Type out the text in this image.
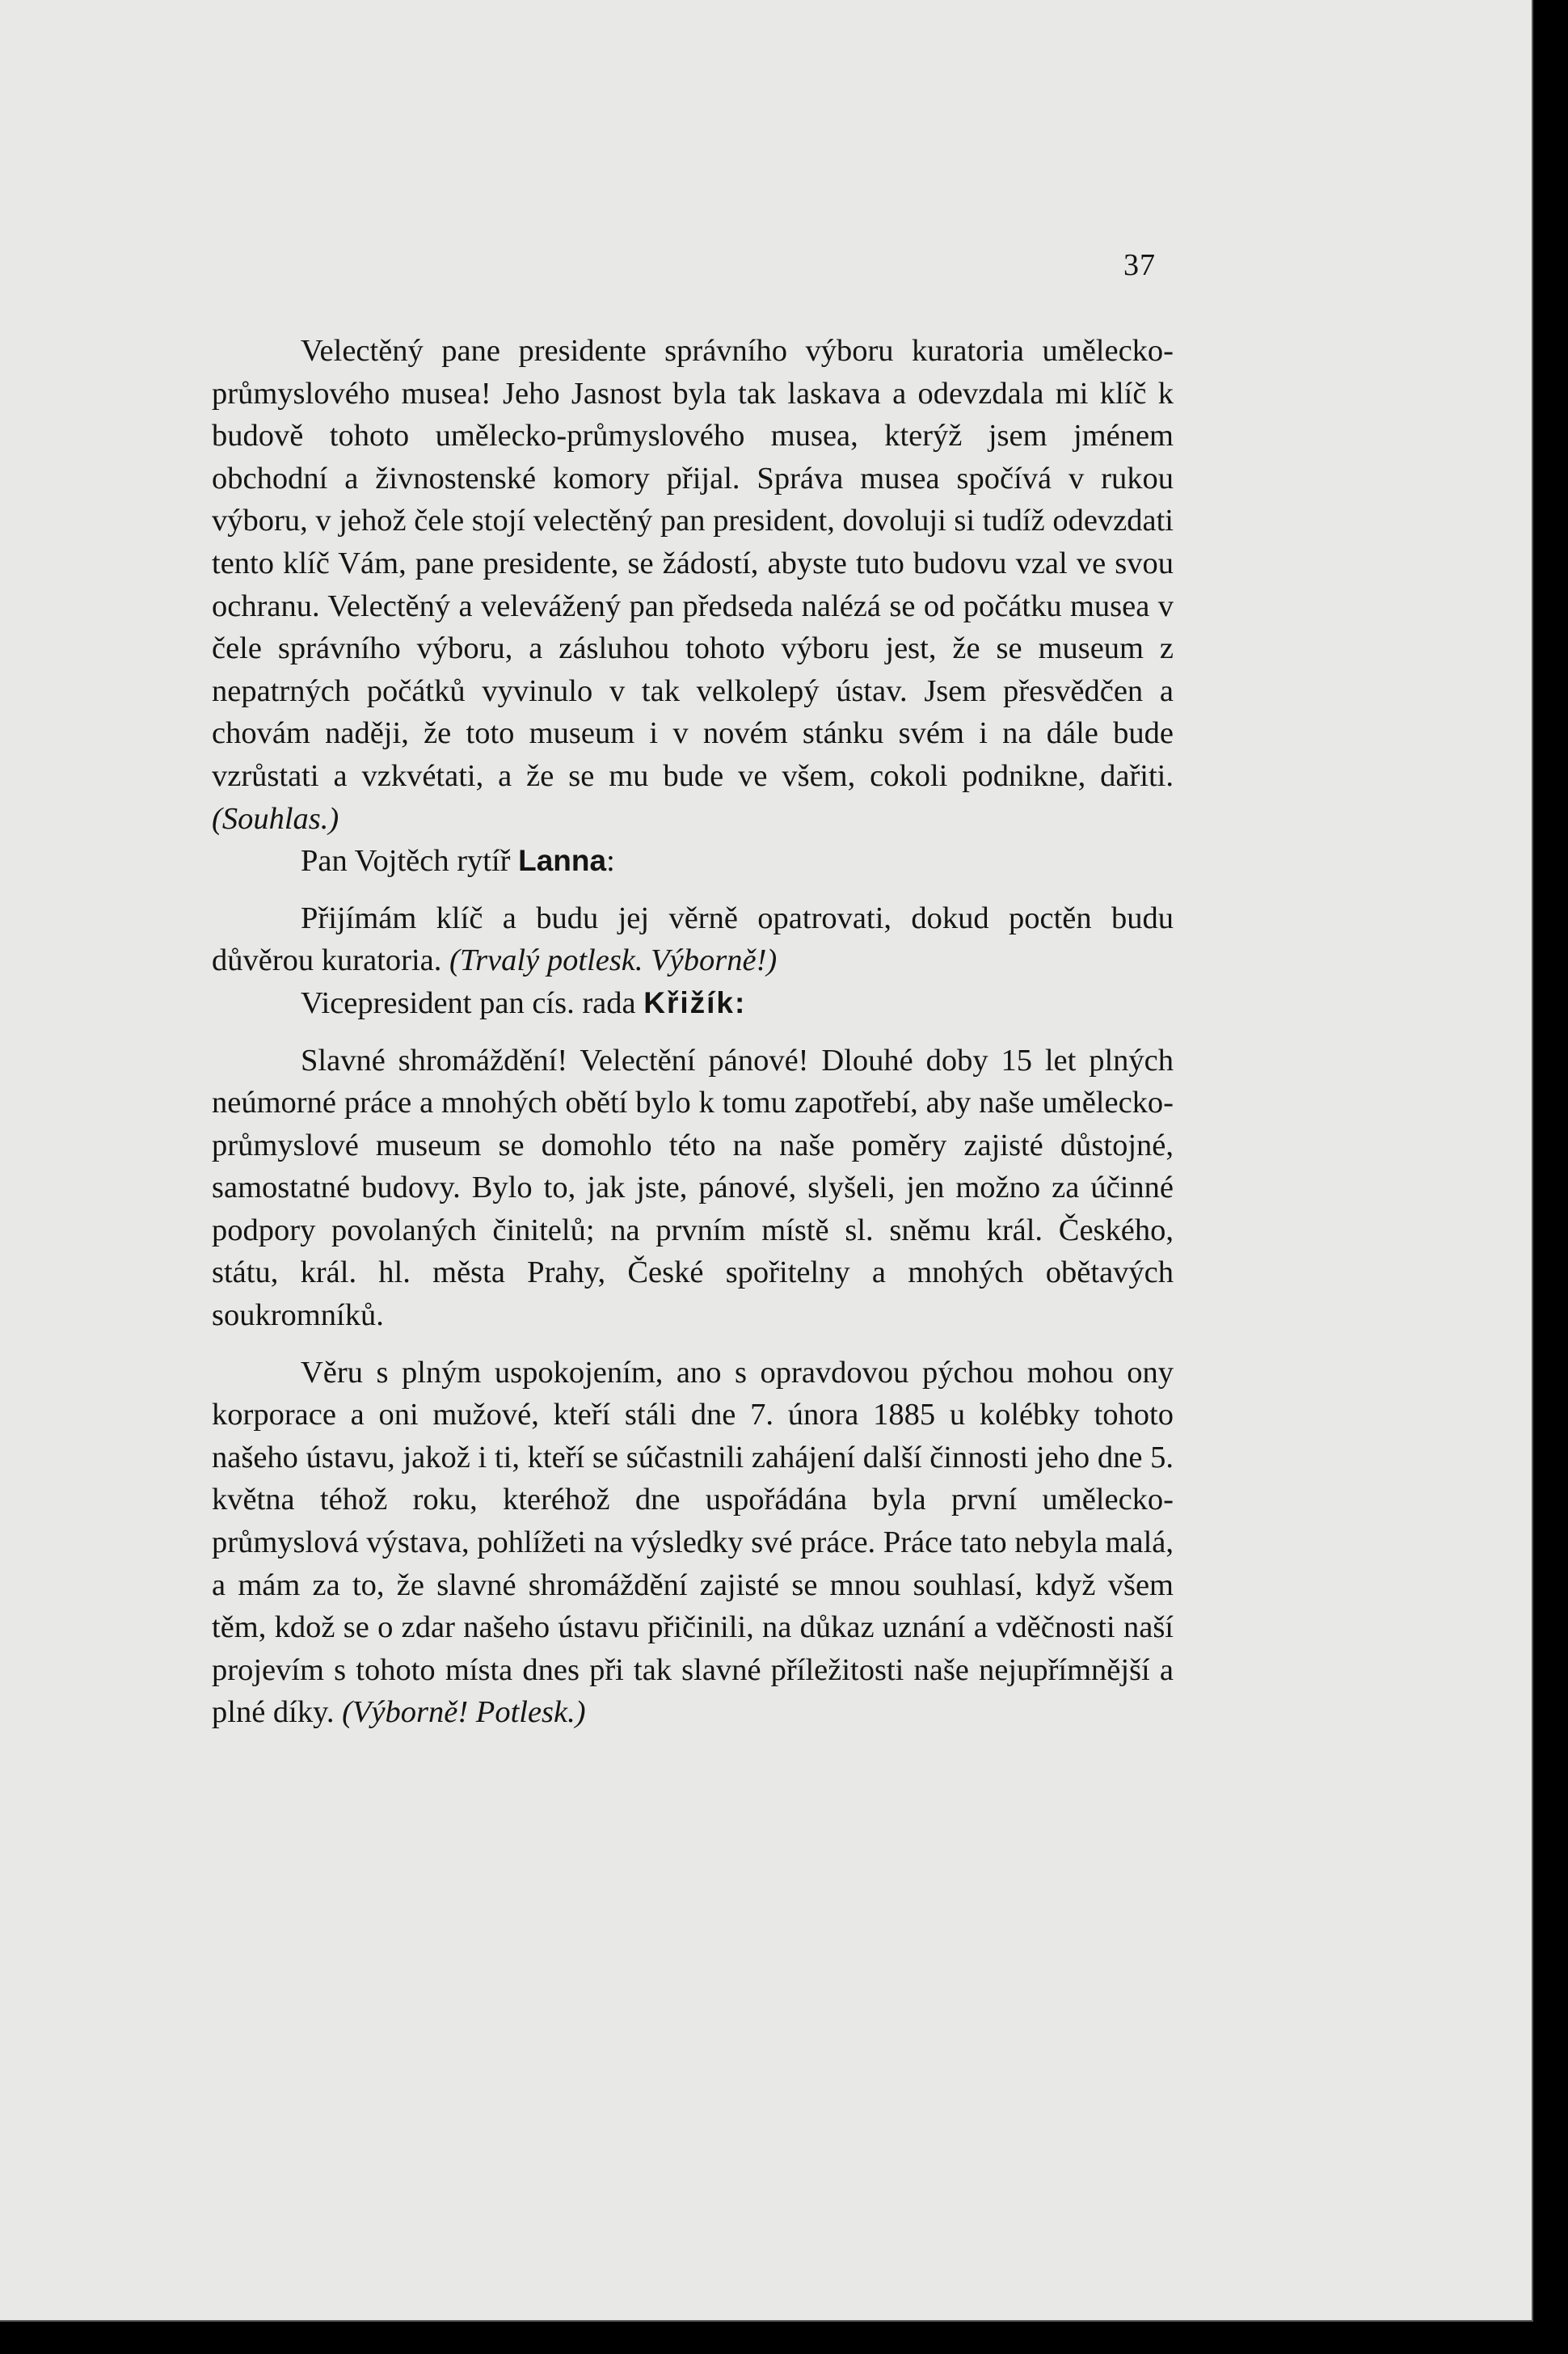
37

Velectěný pane presidente správního výboru kuratoria umělecko-průmyslového musea! Jeho Jasnost byla tak laskava a odevzdala mi klíč k budově tohoto umělecko-průmyslového musea, kterýž jsem jménem obchodní a živnostenské komory přijal. Správa musea spočívá v rukou výboru, v jehož čele stojí velectěný pan president, dovoluji si tudíž odevzdati tento klíč Vám, pane presidente, se žádostí, abyste tuto budovu vzal ve svou ochranu. Velectěný a velevážený pan předseda nalézá se od počátku musea v čele správního výboru, a zásluhou tohoto výboru jest, že se museum z nepatrných počátků vyvinulo v tak velkolepý ústav. Jsem přesvědčen a chovám naději, že toto museum i v novém stánku svém i na dále bude vzrůstati a vzkvétati, a že se mu bude ve všem, cokoli podnikne, dařiti. (Souhlas.)

Pan Vojtěch rytíř Lanna:

Přijímám klíč a budu jej věrně opatrovati, dokud poctěn budu důvěrou kuratoria. (Trvalý potlesk. Výborně!)

Vicepresident pan cís. rada Křižík:

Slavné shromáždění! Velectění pánové! Dlouhé doby 15 let plných neúmorné práce a mnohých obětí bylo k tomu zapotřebí, aby naše umělecko-průmyslové museum se domohlo této na naše poměry zajisté důstojné, samostatné budovy. Bylo to, jak jste, pánové, slyšeli, jen možno za účinné podpory povolaných činitelů; na prvním místě sl. sněmu král. Českého, státu, král. hl. města Prahy, České spořitelny a mnohých obětavých soukromníků.

Věru s plným uspokojením, ano s opravdovou pýchou mohou ony korporace a oni mužové, kteří stáli dne 7. února 1885 u kolébky tohoto našeho ústavu, jakož i ti, kteří se súčastnili zahájení další činnosti jeho dne 5. května téhož roku, kteréhož dne uspořádána byla první umělecko-průmyslová výstava, pohlížeti na výsledky své práce. Práce tato nebyla malá, a mám za to, že slavné shromáždění zajisté se mnou souhlasí, když všem těm, kdož se o zdar našeho ústavu přičinili, na důkaz uznání a vděčnosti naší projevím s tohoto místa dnes při tak slavné příležitosti naše nejupřímnější a plné díky. (Výborně! Potlesk.)
